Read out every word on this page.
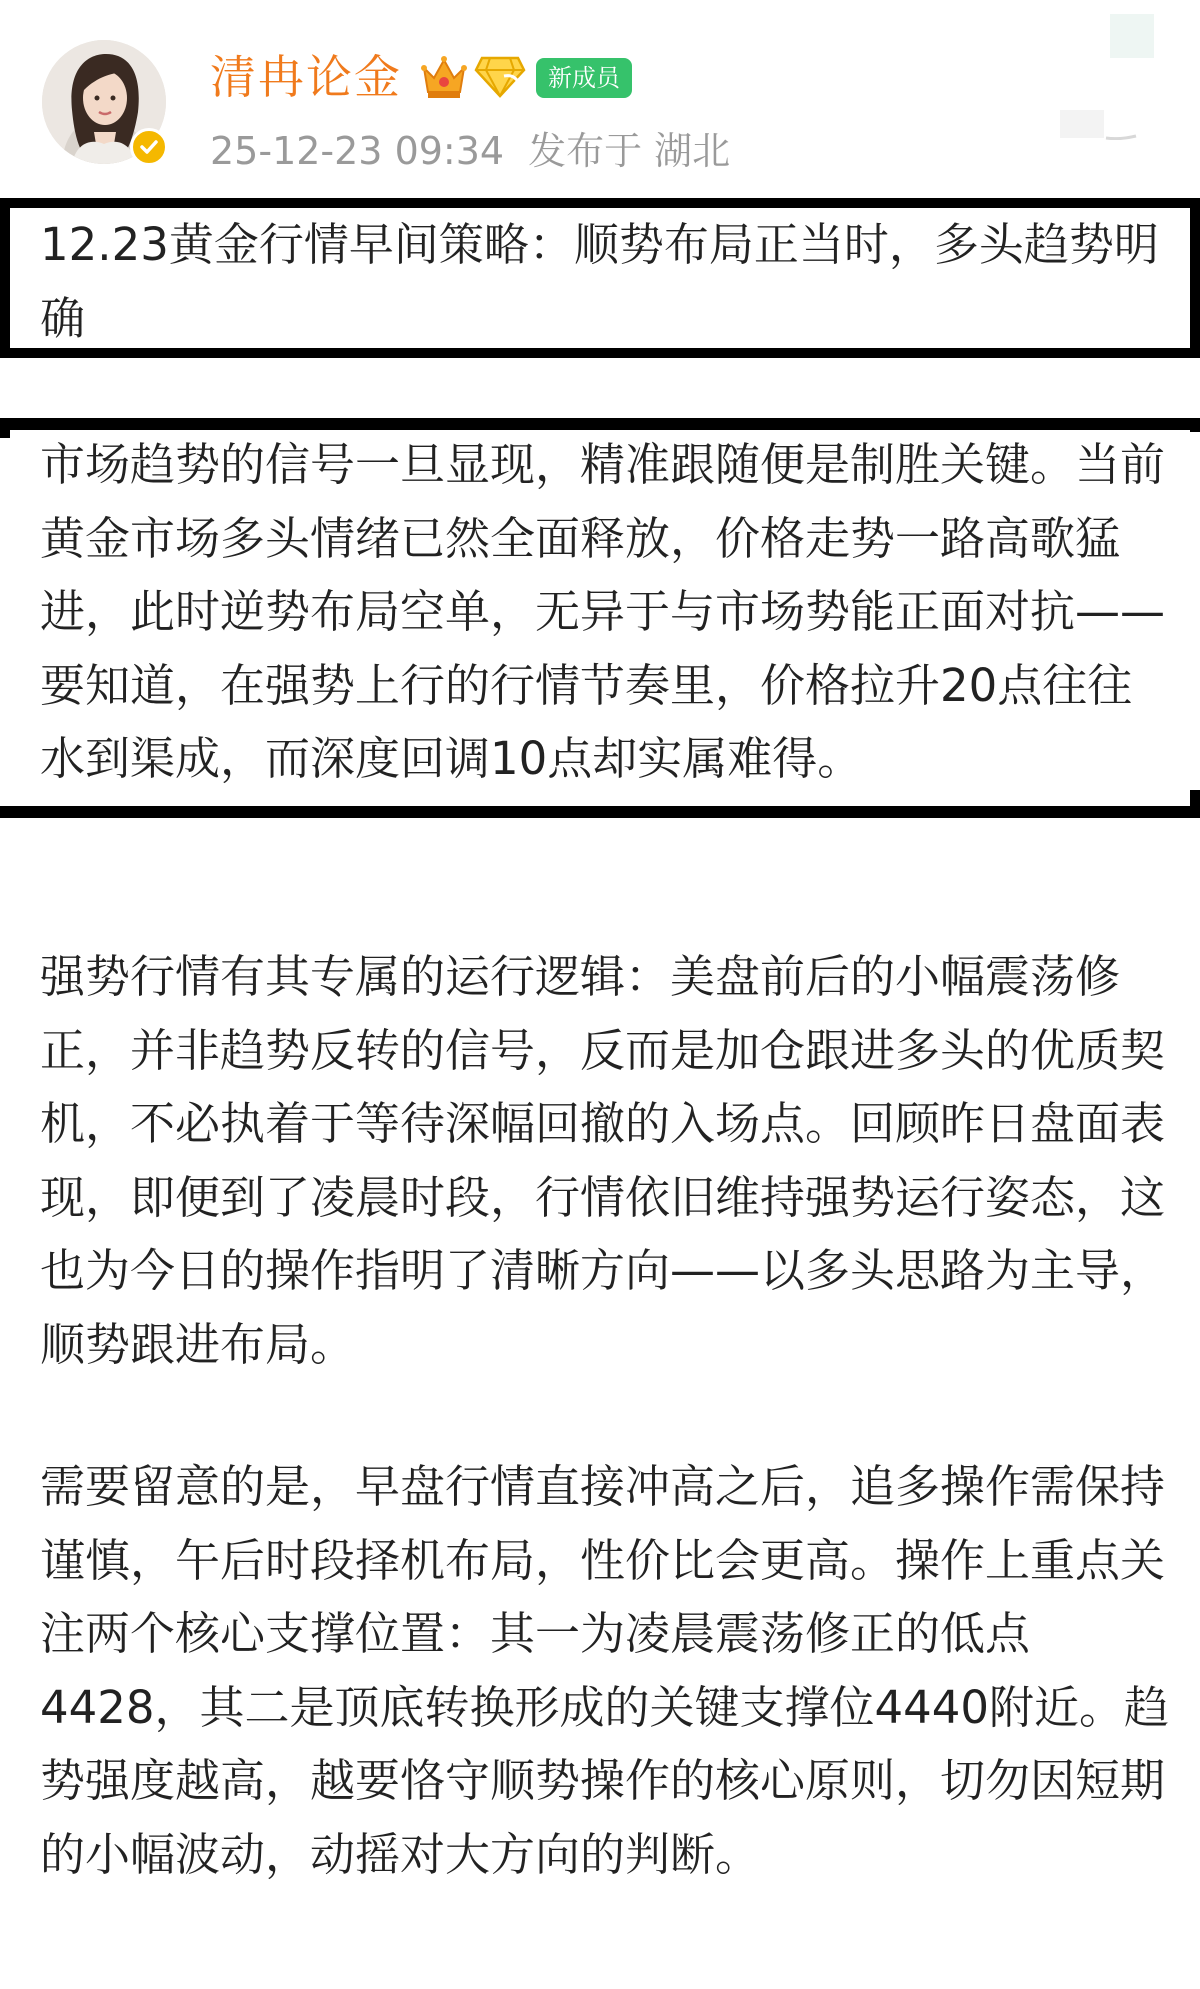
清冉论金	新成员
25-12-23 09:34 发布于 湖北
12.23黄金行情早间策略：顺势布局正当时，多头趋势明确

市场趋势的信号一旦显现，精准跟随便是制胜关键。当前黄金市场多头情绪已然全面释放，价格走势一路高歌猛进，此时逆势布局空单，无异于与市场势能正面对抗——要知道，在强势上行的行情节奏里，价格拉升20点往往水到渠成，而深度回调10点却实属难得。

强势行情有其专属的运行逻辑：美盘前后的小幅震荡修正，并非趋势反转的信号，反而是加仓跟进多头的优质契机，不必执着于等待深幅回撤的入场点。回顾昨日盘面表现，即便到了凌晨时段，行情依旧维持强势运行姿态，这也为今日的操作指明了清晰方向——以多头思路为主导，顺势跟进布局。

需要留意的是，早盘行情直接冲高之后，追多操作需保持谨慎，午后时段择机布局，性价比会更高。操作上重点关注两个核心支撑位置：其一为凌晨震荡修正的低点4428，其二是顶底转换形成的关键支撑位4440附近。趋势强度越高，越要恪守顺势操作的核心原则，切勿因短期的小幅波动，动摇对大方向的判断。
